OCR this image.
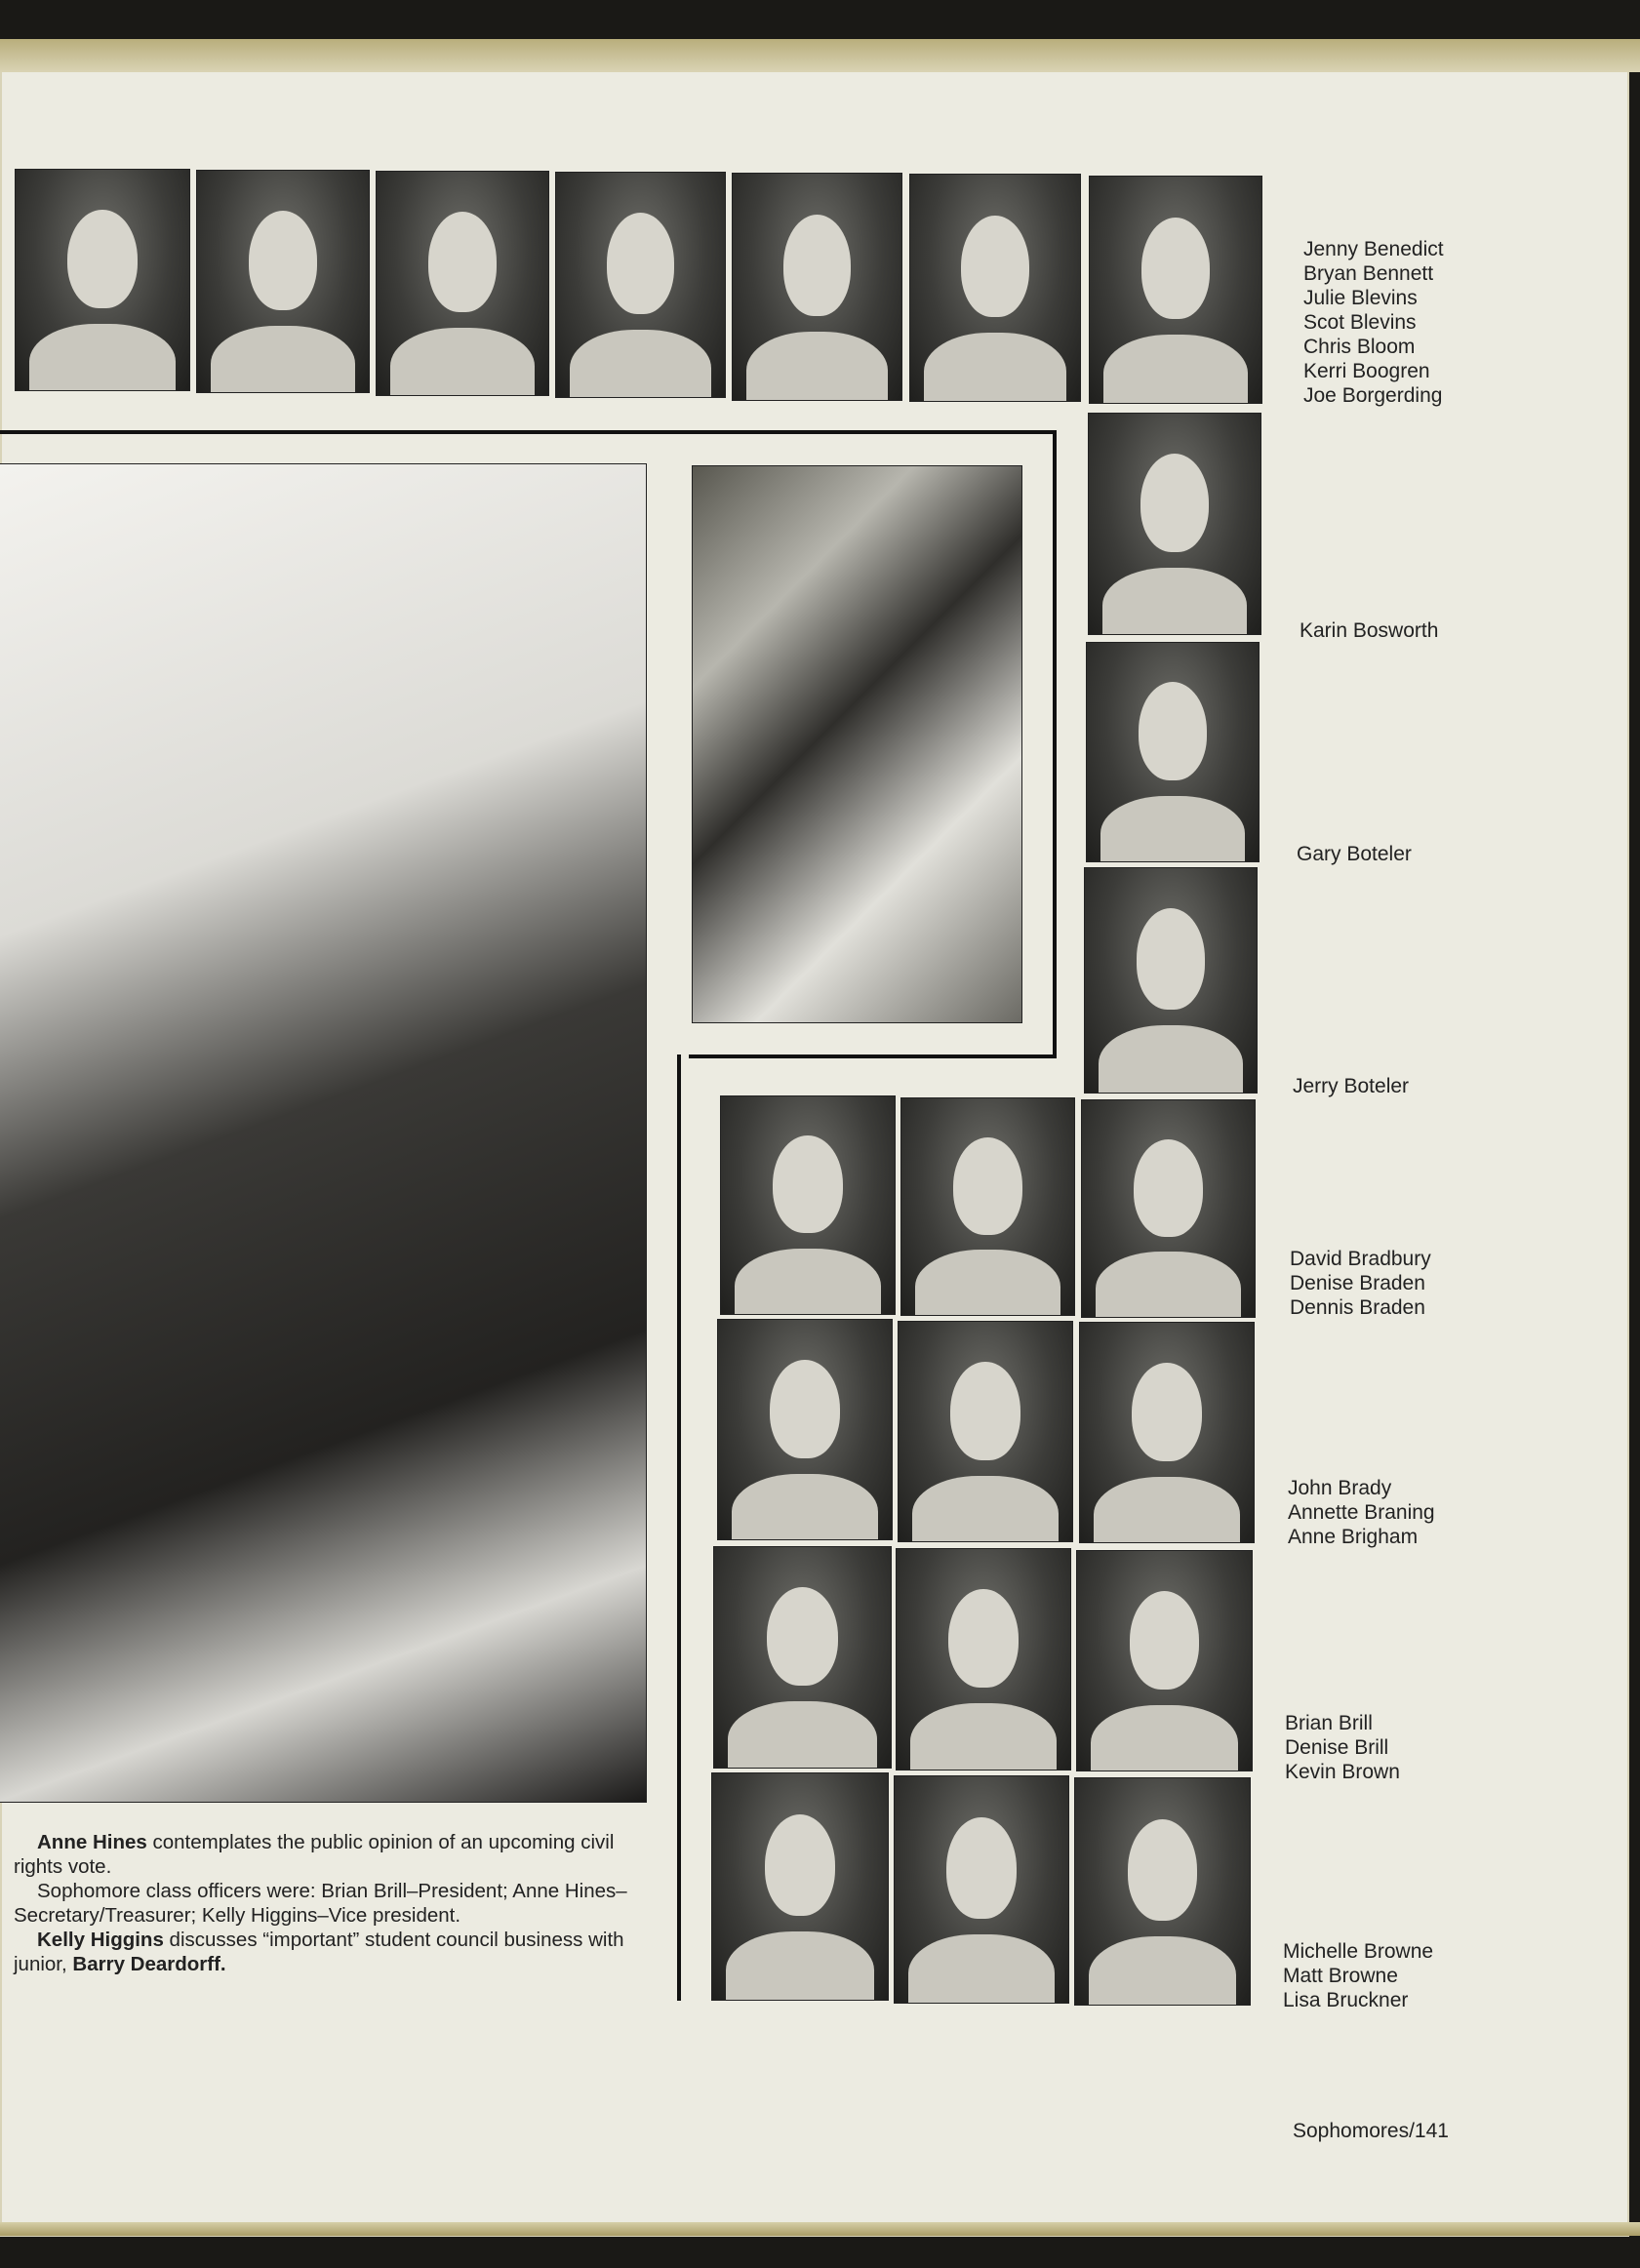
Jenny Benedict
Bryan Bennett
Julie Blevins
Scot Blevins
Chris Bloom
Kerri Boogren
Joe Borgerding
Karin Bosworth
Gary Boteler
Jerry Boteler
David Bradbury
Denise Braden
Dennis Braden
John Brady
Annette Braning
Anne Brigham
Brian Brill
Denise Brill
Kevin Brown
Michelle Browne
Matt Browne
Lisa Bruckner

Anne Hines contemplates the public opinion of an upcoming civil rights vote.

Sophomore class officers were: Brian Brill–President; Anne Hines–Secretary/Treasurer; Kelly Higgins–Vice president.

Kelly Higgins discusses “important” student council business with junior, Barry Deardorff.

Sophomores/141
